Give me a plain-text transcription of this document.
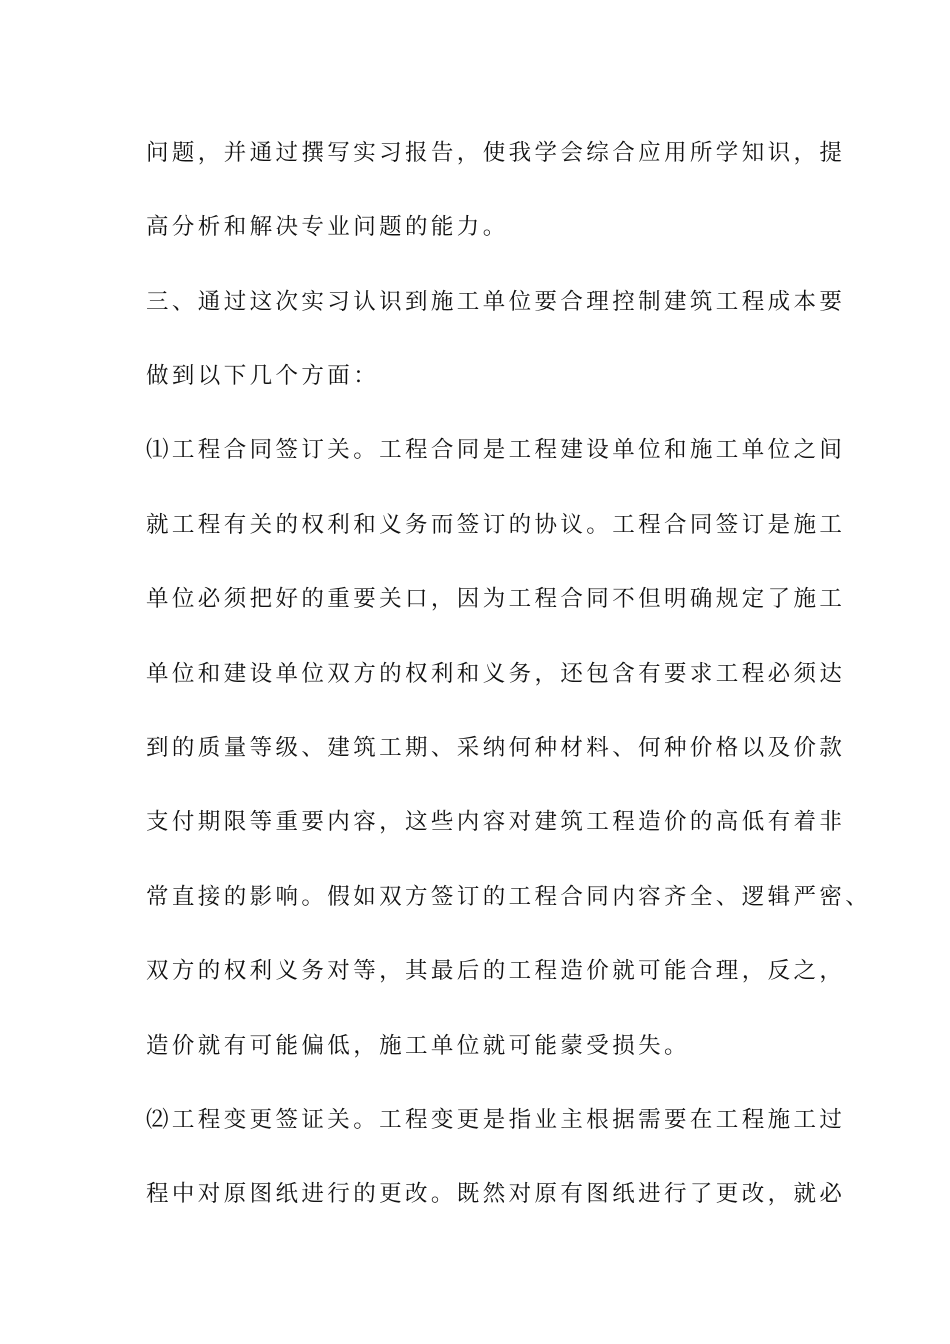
问题，并通过撰写实习报告，使我学会综合应用所学知识，提
高分析和解决专业问题的能力。
三、通过这次实习认识到施工单位要合理控制建筑工程成本要
做到以下几个方面：
⑴工程合同签订关。工程合同是工程建设单位和施工单位之间
就工程有关的权利和义务而签订的协议。工程合同签订是施工
单位必须把好的重要关口，因为工程合同不但明确规定了施工
单位和建设单位双方的权利和义务，还包含有要求工程必须达
到的质量等级、建筑工期、采纳何种材料、何种价格以及价款
支付期限等重要内容，这些内容对建筑工程造价的高低有着非
常直接的影响。假如双方签订的工程合同内容齐全、逻辑严密、
双方的权利义务对等，其最后的工程造价就可能合理，反之，
造价就有可能偏低，施工单位就可能蒙受损失。
⑵工程变更签证关。工程变更是指业主根据需要在工程施工过
程中对原图纸进行的更改。既然对原有图纸进行了更改，就必
